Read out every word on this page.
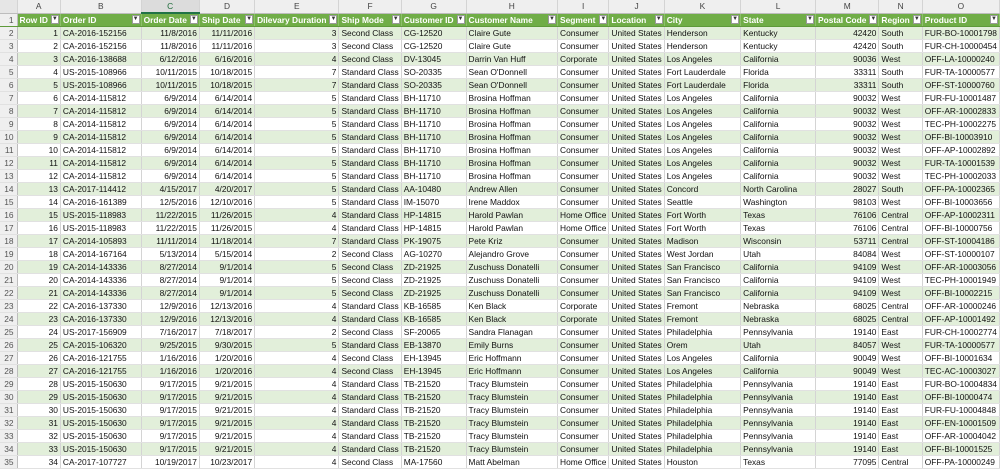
	A	B	C	D	E	F	G	H	I	J	K	L	M	N	O
1	Row ID ▼	Order ID ▼	Order Date ▼	Ship Date ▼	Dilevary Duration ▼	Ship Mode ▼	Customer ID ▼	Customer Name ▼	Segment ▼	Location ▼	City ▼	State ▼	Postal Code ▼	Region ▼	Product ID ▼

2	1	CA-2016-152156	11/8/2016	11/11/2016	3	Second Class	CG-12520	Claire Gute	Consumer	United States	Henderson	Kentucky	42420	South	FUR-BO-10001798
3	2	CA-2016-152156	11/8/2016	11/11/2016	3	Second Class	CG-12520	Claire Gute	Consumer	United States	Henderson	Kentucky	42420	South	FUR-CH-10000454
4	3	CA-2016-138688	6/12/2016	6/16/2016	4	Second Class	DV-13045	Darrin Van Huff	Corporate	United States	Los Angeles	California	90036	West	OFF-LA-10000240
5	4	US-2015-108966	10/11/2015	10/18/2015	7	Standard Class	SO-20335	Sean O'Donnell	Consumer	United States	Fort Lauderdale	Florida	33311	South	FUR-TA-10000577
6	5	US-2015-108966	10/11/2015	10/18/2015	7	Standard Class	SO-20335	Sean O'Donnell	Consumer	United States	Fort Lauderdale	Florida	33311	South	OFF-ST-10000760
7	6	CA-2014-115812	6/9/2014	6/14/2014	5	Standard Class	BH-11710	Brosina Hoffman	Consumer	United States	Los Angeles	California	90032	West	FUR-FU-10001487
8	7	CA-2014-115812	6/9/2014	6/14/2014	5	Standard Class	BH-11710	Brosina Hoffman	Consumer	United States	Los Angeles	California	90032	West	OFF-AR-10002833
9	8	CA-2014-115812	6/9/2014	6/14/2014	5	Standard Class	BH-11710	Brosina Hoffman	Consumer	United States	Los Angeles	California	90032	West	TEC-PH-10002275
10	9	CA-2014-115812	6/9/2014	6/14/2014	5	Standard Class	BH-11710	Brosina Hoffman	Consumer	United States	Los Angeles	California	90032	West	OFF-BI-10003910
11	10	CA-2014-115812	6/9/2014	6/14/2014	5	Standard Class	BH-11710	Brosina Hoffman	Consumer	United States	Los Angeles	California	90032	West	OFF-AP-10002892
12	11	CA-2014-115812	6/9/2014	6/14/2014	5	Standard Class	BH-11710	Brosina Hoffman	Consumer	United States	Los Angeles	California	90032	West	FUR-TA-10001539
13	12	CA-2014-115812	6/9/2014	6/14/2014	5	Standard Class	BH-11710	Brosina Hoffman	Consumer	United States	Los Angeles	California	90032	West	TEC-PH-10002033
14	13	CA-2017-114412	4/15/2017	4/20/2017	5	Standard Class	AA-10480	Andrew Allen	Consumer	United States	Concord	North Carolina	28027	South	OFF-PA-10002365
15	14	CA-2016-161389	12/5/2016	12/10/2016	5	Standard Class	IM-15070	Irene Maddox	Consumer	United States	Seattle	Washington	98103	West	OFF-BI-10003656
16	15	US-2015-118983	11/22/2015	11/26/2015	4	Standard Class	HP-14815	Harold Pawlan	Home Office	United States	Fort Worth	Texas	76106	Central	OFF-AP-10002311
17	16	US-2015-118983	11/22/2015	11/26/2015	4	Standard Class	HP-14815	Harold Pawlan	Home Office	United States	Fort Worth	Texas	76106	Central	OFF-BI-10000756
18	17	CA-2014-105893	11/11/2014	11/18/2014	7	Standard Class	PK-19075	Pete Kriz	Consumer	United States	Madison	Wisconsin	53711	Central	OFF-ST-10004186
19	18	CA-2014-167164	5/13/2014	5/15/2014	2	Second Class	AG-10270	Alejandro Grove	Consumer	United States	West Jordan	Utah	84084	West	OFF-ST-10000107
20	19	CA-2014-143336	8/27/2014	9/1/2014	5	Second Class	ZD-21925	Zuschuss Donatelli	Consumer	United States	San Francisco	California	94109	West	OFF-AR-10003056
21	20	CA-2014-143336	8/27/2014	9/1/2014	5	Second Class	ZD-21925	Zuschuss Donatelli	Consumer	United States	San Francisco	California	94109	West	TEC-PH-10001949
22	21	CA-2014-143336	8/27/2014	9/1/2014	5	Second Class	ZD-21925	Zuschuss Donatelli	Consumer	United States	San Francisco	California	94109	West	OFF-BI-10002215
23	22	CA-2016-137330	12/9/2016	12/13/2016	4	Standard Class	KB-16585	Ken Black	Corporate	United States	Fremont	Nebraska	68025	Central	OFF-AR-10000246
24	23	CA-2016-137330	12/9/2016	12/13/2016	4	Standard Class	KB-16585	Ken Black	Corporate	United States	Fremont	Nebraska	68025	Central	OFF-AP-10001492
25	24	US-2017-156909	7/16/2017	7/18/2017	2	Second Class	SF-20065	Sandra Flanagan	Consumer	United States	Philadelphia	Pennsylvania	19140	East	FUR-CH-10002774
26	25	CA-2015-106320	9/25/2015	9/30/2015	5	Standard Class	EB-13870	Emily Burns	Consumer	United States	Orem	Utah	84057	West	FUR-TA-10000577
27	26	CA-2016-121755	1/16/2016	1/20/2016	4	Second Class	EH-13945	Eric Hoffmann	Consumer	United States	Los Angeles	California	90049	West	OFF-BI-10001634
28	27	CA-2016-121755	1/16/2016	1/20/2016	4	Second Class	EH-13945	Eric Hoffmann	Consumer	United States	Los Angeles	California	90049	West	TEC-AC-10003027
29	28	US-2015-150630	9/17/2015	9/21/2015	4	Standard Class	TB-21520	Tracy Blumstein	Consumer	United States	Philadelphia	Pennsylvania	19140	East	FUR-BO-10004834
30	29	US-2015-150630	9/17/2015	9/21/2015	4	Standard Class	TB-21520	Tracy Blumstein	Consumer	United States	Philadelphia	Pennsylvania	19140	East	OFF-BI-10000474
31	30	US-2015-150630	9/17/2015	9/21/2015	4	Standard Class	TB-21520	Tracy Blumstein	Consumer	United States	Philadelphia	Pennsylvania	19140	East	FUR-FU-10004848
32	31	US-2015-150630	9/17/2015	9/21/2015	4	Standard Class	TB-21520	Tracy Blumstein	Consumer	United States	Philadelphia	Pennsylvania	19140	East	OFF-EN-10001509
33	32	US-2015-150630	9/17/2015	9/21/2015	4	Standard Class	TB-21520	Tracy Blumstein	Consumer	United States	Philadelphia	Pennsylvania	19140	East	OFF-AR-10004042
34	33	US-2015-150630	9/17/2015	9/21/2015	4	Standard Class	TB-21520	Tracy Blumstein	Consumer	United States	Philadelphia	Pennsylvania	19140	East	OFF-BI-10001525
35	34	CA-2017-107727	10/19/2017	10/23/2017	4	Second Class	MA-17560	Matt Abelman	Home Office	United States	Houston	Texas	77095	Central	OFF-PA-10000249
